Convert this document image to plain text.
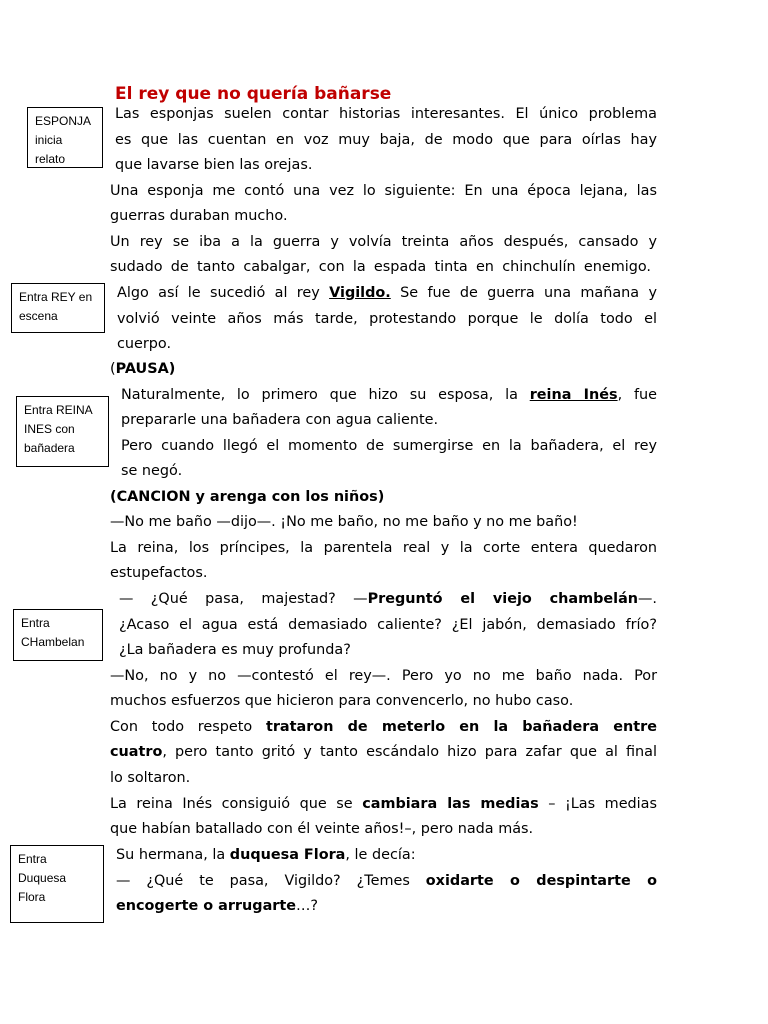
El rey que no quería bañarse
ESPONJA
inicia
relato
Entra REY en
escena
Entra REINA
INES con
bañadera
Entra
CHambelan
Entra
Duquesa
Flora
Las esponjas suelen contar historias interesantes. El único problema
es que las cuentan en voz muy baja, de modo que para oírlas hay
que lavarse bien las orejas.
Una esponja me contó una vez lo siguiente: En una época lejana, las
guerras duraban mucho.
Un rey se iba a la guerra y volvía treinta años después, cansado y
sudado de tanto cabalgar, con la espada tinta en chinchulín enemigo.
Algo así le sucedió al rey Vigildo. Se fue de guerra una mañana y
volvió veinte años más tarde, protestando porque le dolía todo el
cuerpo.
(PAUSA)
Naturalmente, lo primero que hizo su esposa, la reina Inés, fue
prepararle una bañadera con agua caliente.
Pero cuando llegó el momento de sumergirse en la bañadera, el rey
se negó.
(CANCION y arenga con los niños)
—No me baño —dijo—. ¡No me baño, no me baño y no me baño!
La reina, los príncipes, la parentela real y la corte entera quedaron
estupefactos.
— ¿Qué pasa, majestad? —Preguntó el viejo chambelán—.
¿Acaso el agua está demasiado caliente? ¿El jabón, demasiado frío?
¿La bañadera es muy profunda?
—No, no y no —contestó el rey—. Pero yo no me baño nada. Por
muchos esfuerzos que hicieron para convencerlo, no hubo caso.
Con todo respeto trataron de meterlo en la bañadera entre
cuatro, pero tanto gritó y tanto escándalo hizo para zafar que al final
lo soltaron.
La reina Inés consiguió que se cambiara las medias – ¡Las medias
que habían batallado con él veinte años!–, pero nada más.
Su hermana, la duquesa Flora, le decía:
— ¿Qué te pasa, Vigildo? ¿Temes oxidarte o despintarte o
encogerte o arrugarte…?
